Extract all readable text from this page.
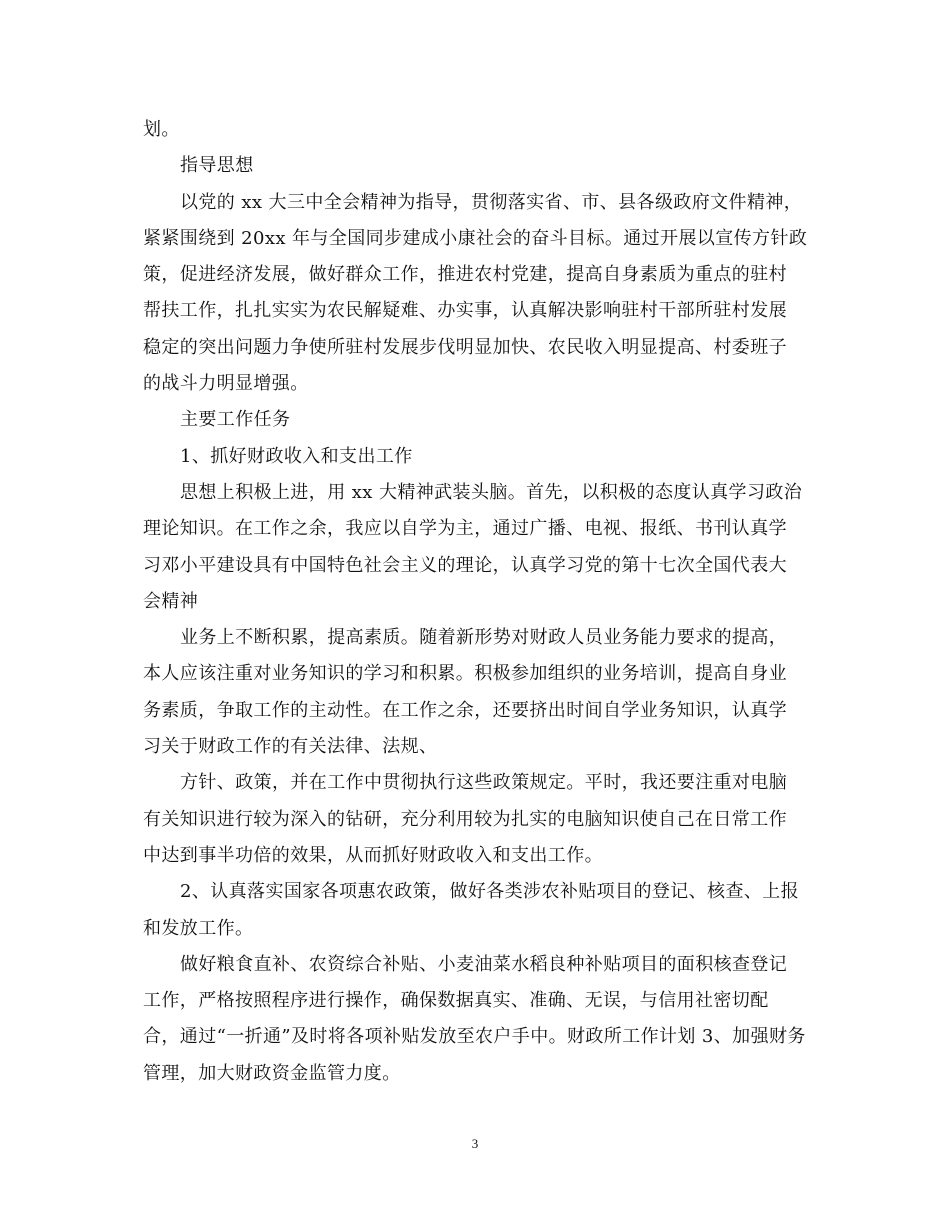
划。
指导思想
以党的 xx 大三中全会精神为指导，贯彻落实省、市、县各级政府文件精神，
紧紧围绕到 20xx 年与全国同步建成小康社会的奋斗目标。通过开展以宣传方针政
策，促进经济发展，做好群众工作，推进农村党建，提高自身素质为重点的驻村
帮扶工作，扎扎实实为农民解疑难、办实事，认真解决影响驻村干部所驻村发展
稳定的突出问题力争使所驻村发展步伐明显加快、农民收入明显提高、村委班子
的战斗力明显增强。
主要工作任务
1、抓好财政收入和支出工作
思想上积极上进，用 xx 大精神武装头脑。首先，以积极的态度认真学习政治
理论知识。在工作之余，我应以自学为主，通过广播、电视、报纸、书刊认真学
习邓小平建设具有中国特色社会主义的理论，认真学习党的第十七次全国代表大
会精神
业务上不断积累，提高素质。随着新形势对财政人员业务能力要求的提高，
本人应该注重对业务知识的学习和积累。积极参加组织的业务培训，提高自身业
务素质，争取工作的主动性。在工作之余，还要挤出时间自学业务知识，认真学
习关于财政工作的有关法律、法规、
方针、政策，并在工作中贯彻执行这些政策规定。平时，我还要注重对电脑
有关知识进行较为深入的钻研，充分利用较为扎实的电脑知识使自己在日常工作
中达到事半功倍的效果，从而抓好财政收入和支出工作。
2、认真落实国家各项惠农政策，做好各类涉农补贴项目的登记、核查、上报
和发放工作。
做好粮食直补、农资综合补贴、小麦油菜水稻良种补贴项目的面积核查登记
工作，严格按照程序进行操作，确保数据真实、准确、无误，与信用社密切配
合，通过“一折通”及时将各项补贴发放至农户手中。财政所工作计划 3、加强财务
管理，加大财政资金监管力度。
3
